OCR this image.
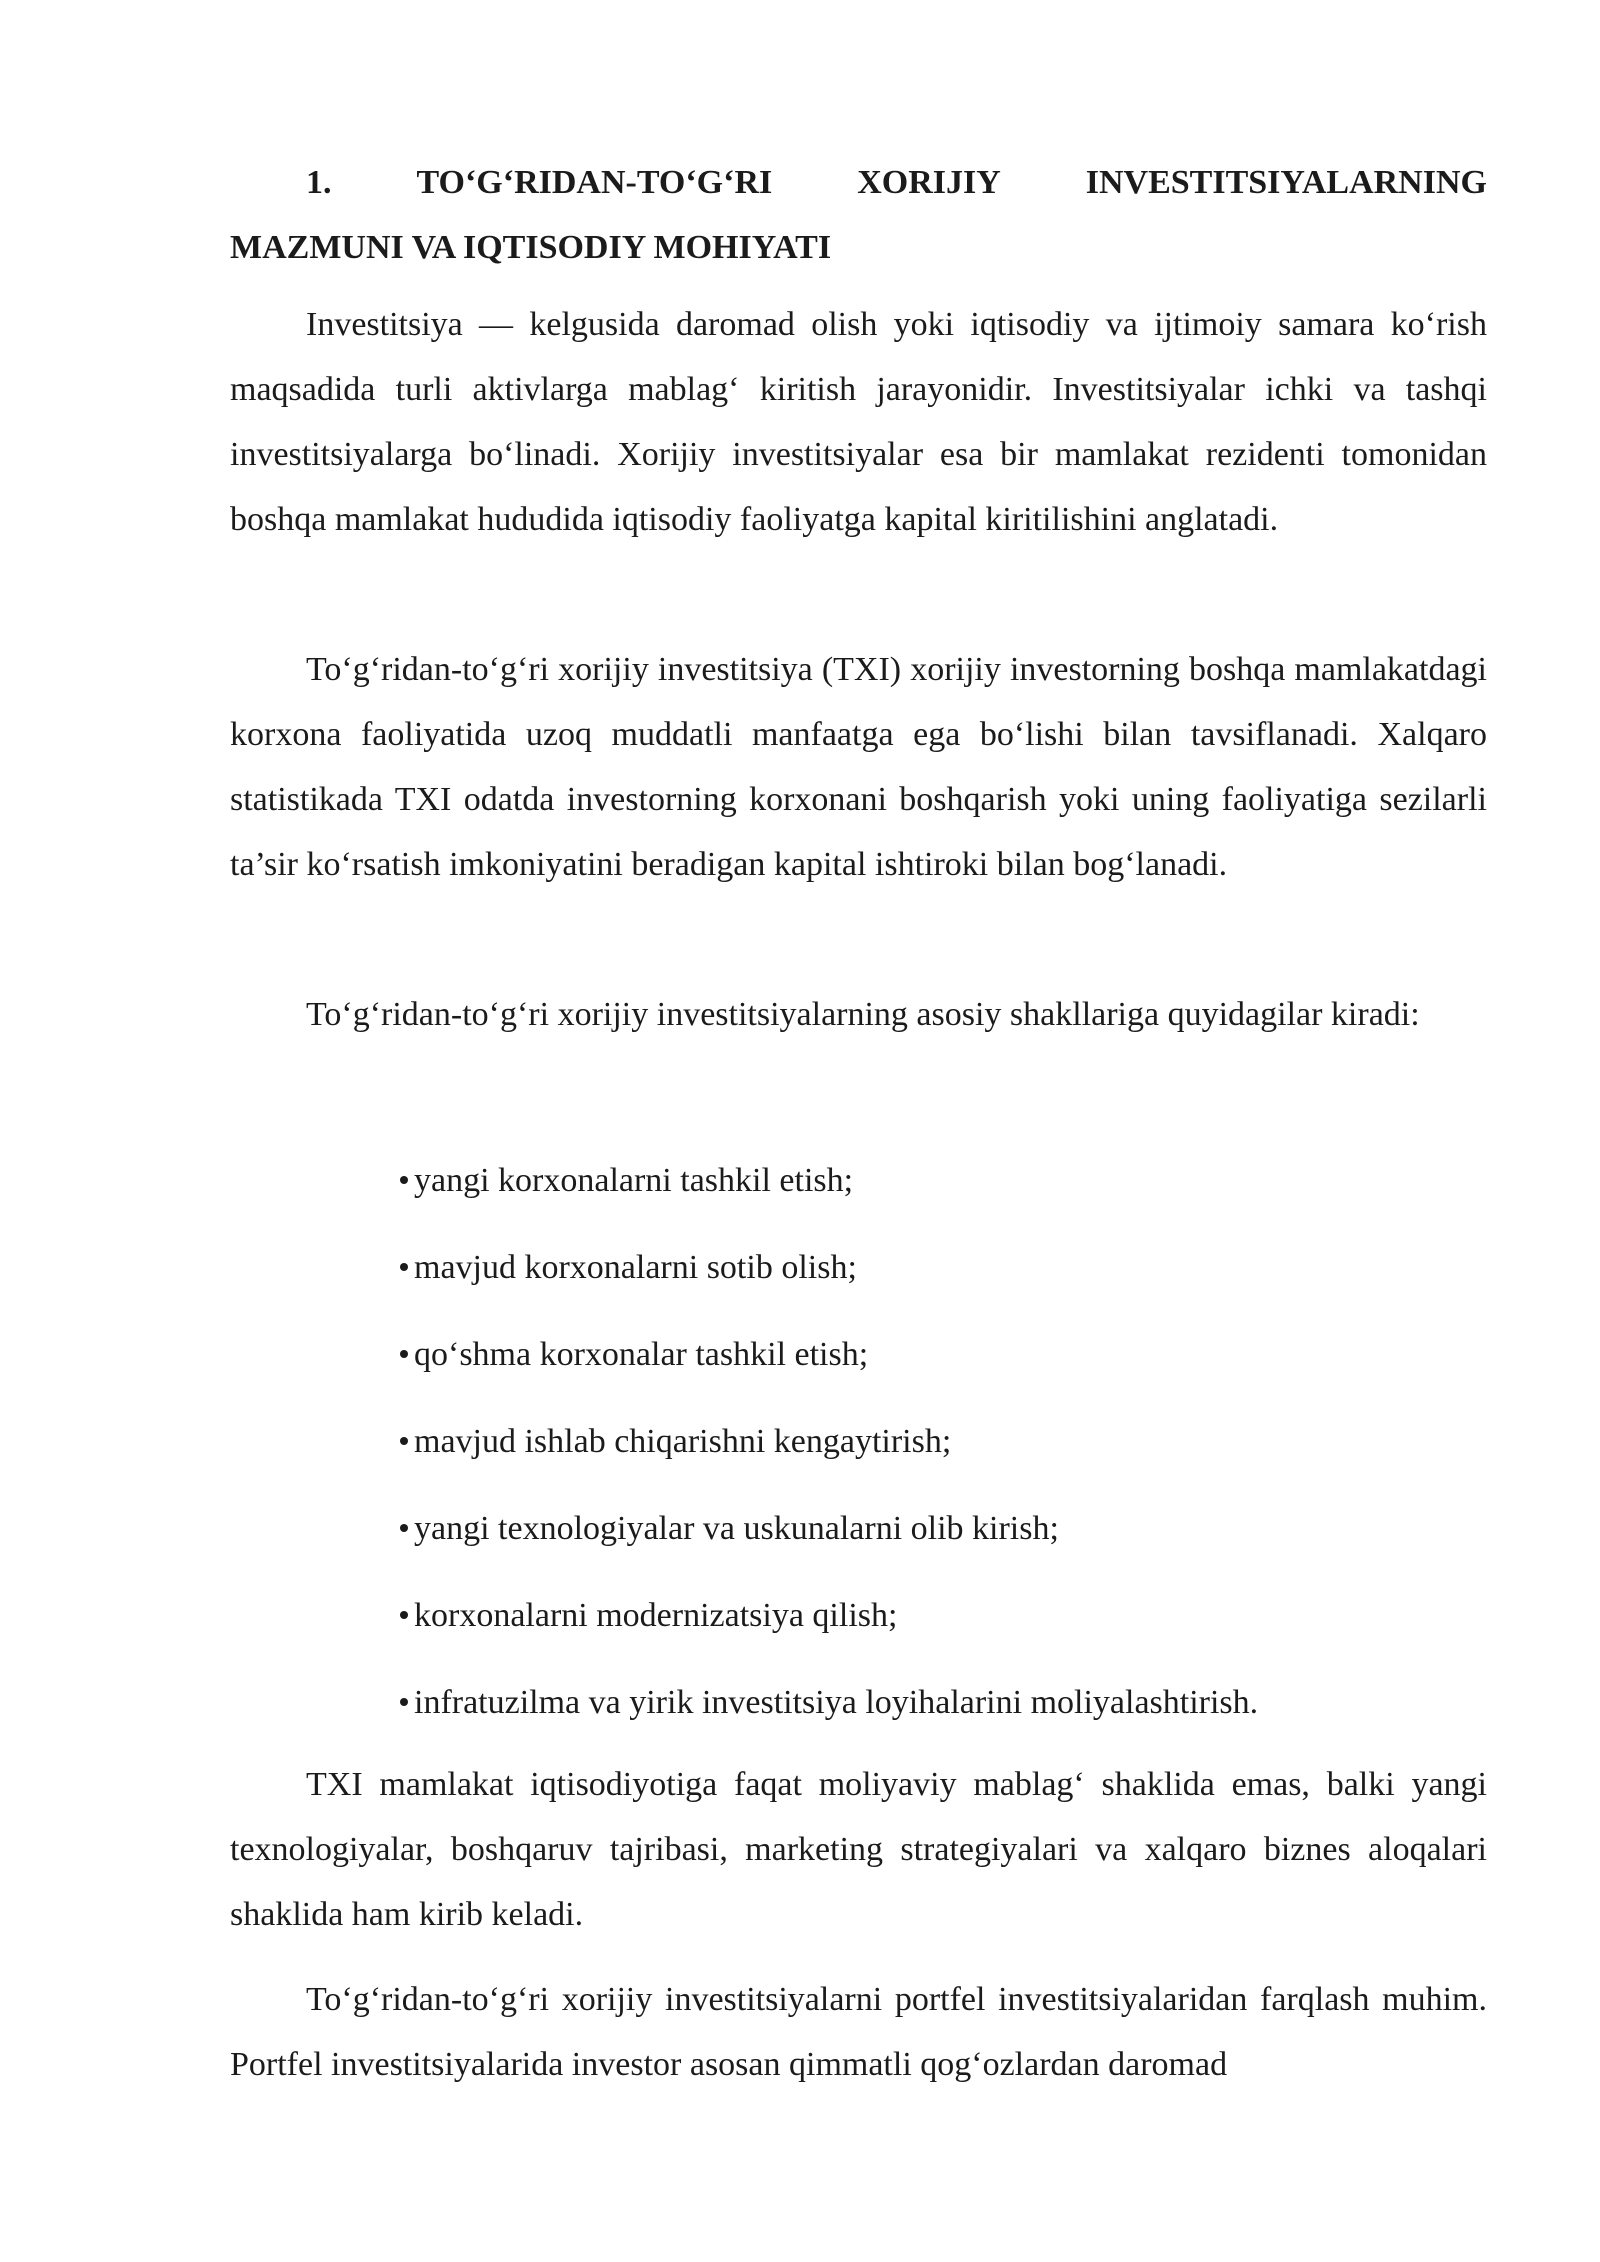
1. TO‘G‘RIDAN-TO‘G‘RI XORIJIY INVESTITSIYALARNING
MAZMUNI VA IQTISODIY MOHIYATI

Investitsiya — kelgusida daromad olish yoki iqtisodiy va ijtimoiy samara ko‘rish maqsadida turli aktivlarga mablag‘ kiritish jarayonidir. Investitsiyalar ichki va tashqi investitsiyalarga bo‘linadi. Xorijiy investitsiyalar esa bir mamlakat rezidenti tomonidan boshqa mamlakat hududida iqtisodiy faoliyatga kapital kiritilishini anglatadi.

To‘g‘ridan-to‘g‘ri xorijiy investitsiya (TXI) xorijiy investorning boshqa mamlakatdagi korxona faoliyatida uzoq muddatli manfaatga ega bo‘lishi bilan tavsiflanadi. Xalqaro statistikada TXI odatda investorning korxonani boshqarish yoki uning faoliyatiga sezilarli ta’sir ko‘rsatish imkoniyatini beradigan kapital ishtiroki bilan bog‘lanadi.

To‘g‘ridan-to‘g‘ri xorijiy investitsiyalarning asosiy shakllariga quyidagilar kiradi:

yangi korxonalarni tashkil etish;
mavjud korxonalarni sotib olish;
qo‘shma korxonalar tashkil etish;
mavjud ishlab chiqarishni kengaytirish;
yangi texnologiyalar va uskunalarni olib kirish;
korxonalarni modernizatsiya qilish;
infratuzilma va yirik investitsiya loyihalarini moliyalashtirish.

TXI mamlakat iqtisodiyotiga faqat moliyaviy mablag‘ shaklida emas, balki yangi texnologiyalar, boshqaruv tajribasi, marketing strategiyalari va xalqaro biznes aloqalari shaklida ham kirib keladi.

To‘g‘ridan-to‘g‘ri xorijiy investitsiyalarni portfel investitsiyalaridan farqlash muhim. Portfel investitsiyalarida investor asosan qimmatli qog‘ozlardan daromad
